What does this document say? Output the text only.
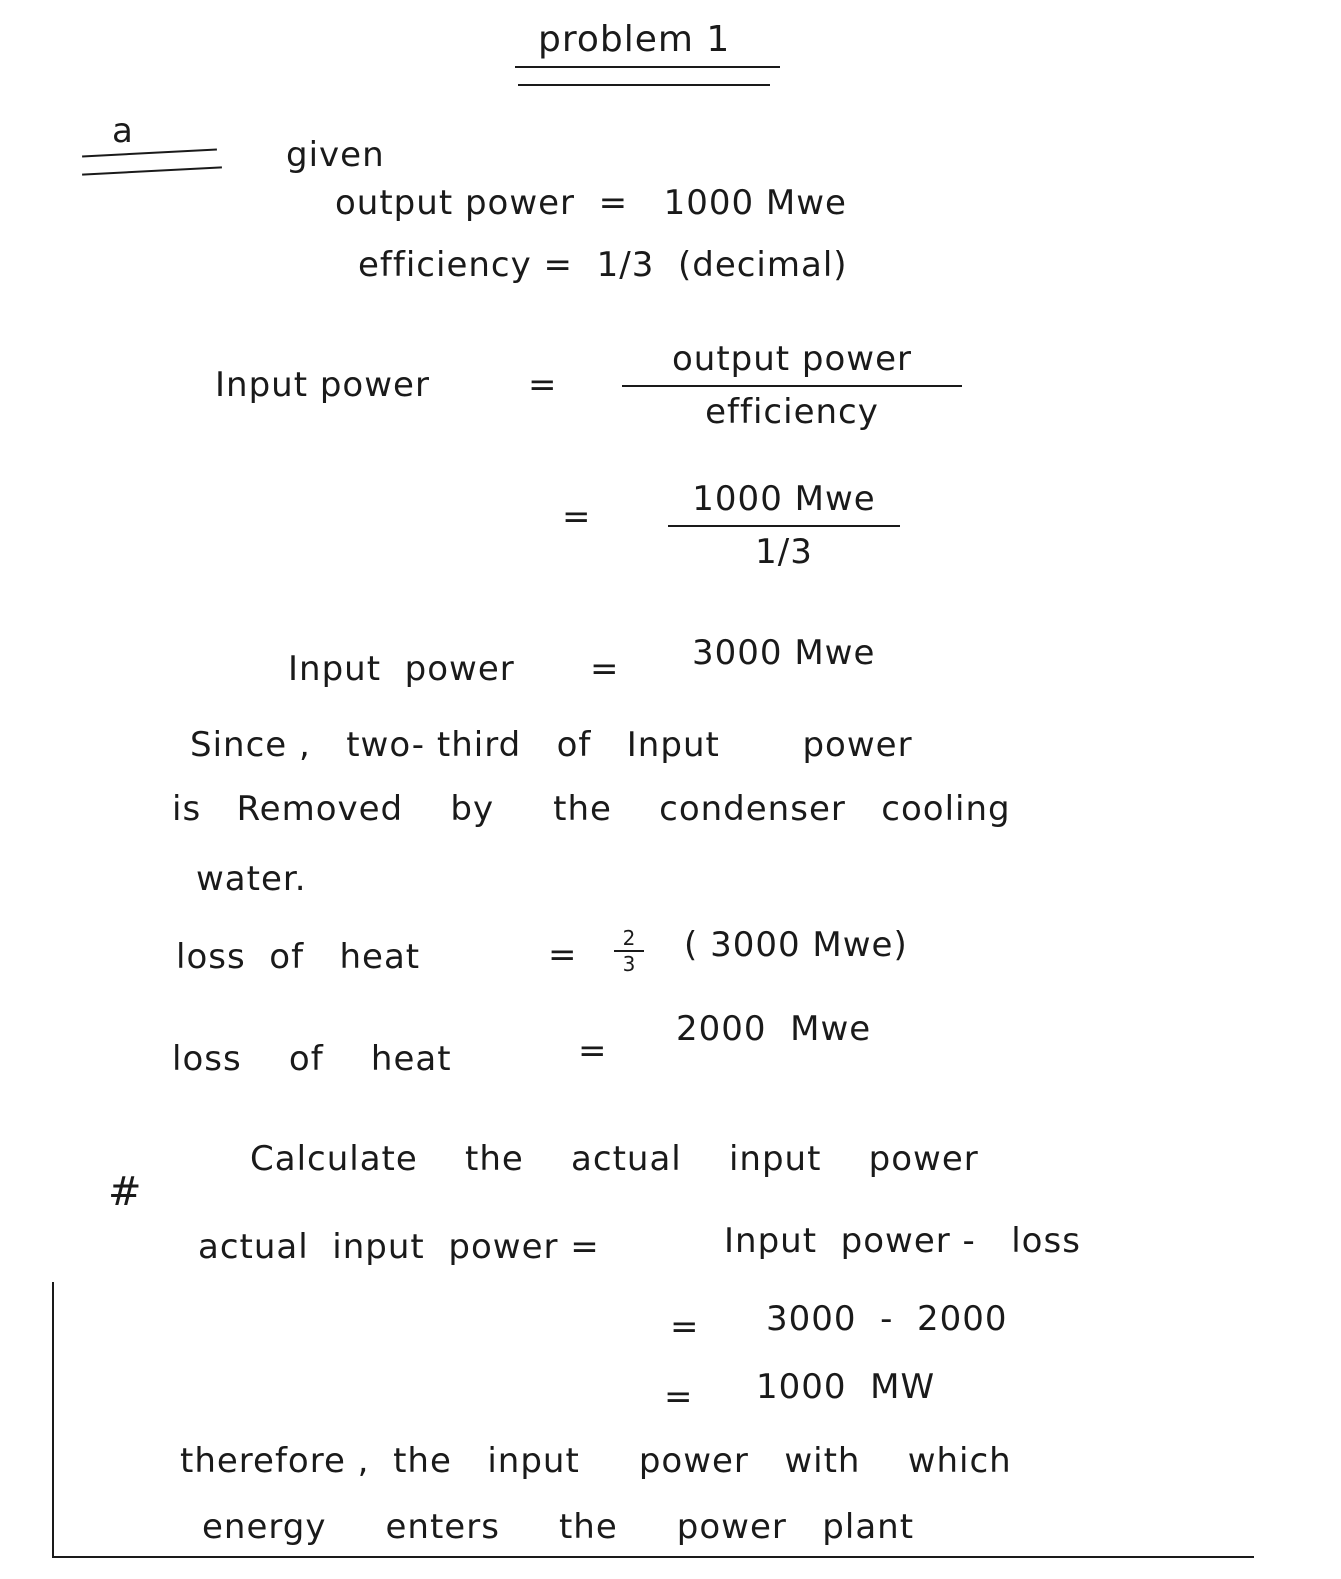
problem 1
a
given
output power  =   1000 Mwe
efficiency =  1/3  (decimal)
Input power	=
output power
efficiency
=	1000 Mwe
1/3
Input  power = 3000 Mwe
Since ,   two- third   of   Input       power
is   Removed    by     the    condenser   cooling
water.
loss  of   heat	=	2
3 ( 3000 Mwe)
loss    of    heat	=
2000  Mwe
#
Calculate    the    actual    input    power
actual  input  power =	Input  power -   loss
= 3000  -  2000
= 1000  MW
therefore ,  the   input     power   with    which
energy     enters     the     power   plant
